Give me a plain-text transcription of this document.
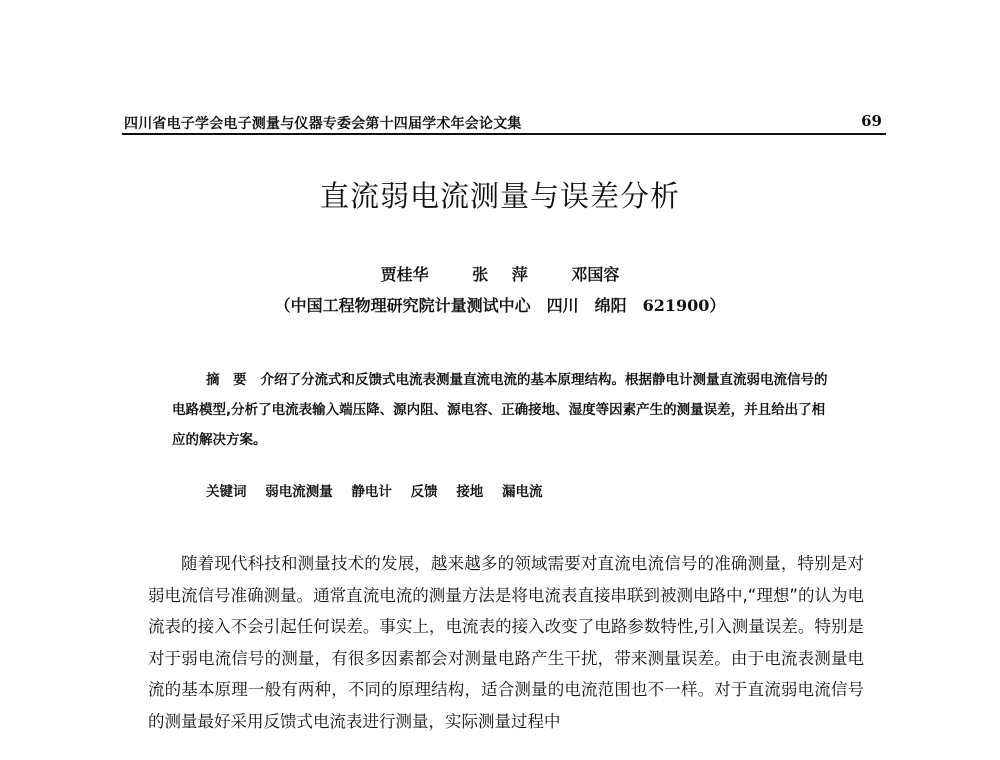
四川省电子学会电子测量与仪器专委会第十四届学术年会论文集	69
直流弱电流测量与误差分析
贾桂华	张 萍	邓国容
（中国工程物理研究院计量测试中心　四川　绵阳　621900）
摘　要 介绍了分流式和反馈式电流表测量直流电流的基本原理结构。根据静电计测量直流弱电流信号的电路模型,分析了电流表输入端压降、源内阻、源电容、正确接地、湿度等因素产生的测量误差，并且给出了相应的解决方案。
关键词 弱电流测量 静电计 反馈 接地 漏电流

随着现代科技和测量技术的发展，越来越多的领域需要对直流电流信号的准确测量，特别是对弱电流信号准确测量。通常直流电流的测量方法是将电流表直接串联到被测电路中,“理想”的认为电流表的接入不会引起任何误差。事实上，电流表的接入改变了电路参数特性,引入测量误差。特别是对于弱电流信号的测量，有很多因素都会对测量电路产生干扰，带来测量误差。由于电流表测量电流的基本原理一般有两种，不同的原理结构，适合测量的电流范围也不一样。对于直流弱电流信号的测量最好采用反馈式电流表进行测量，实际测量过程中
